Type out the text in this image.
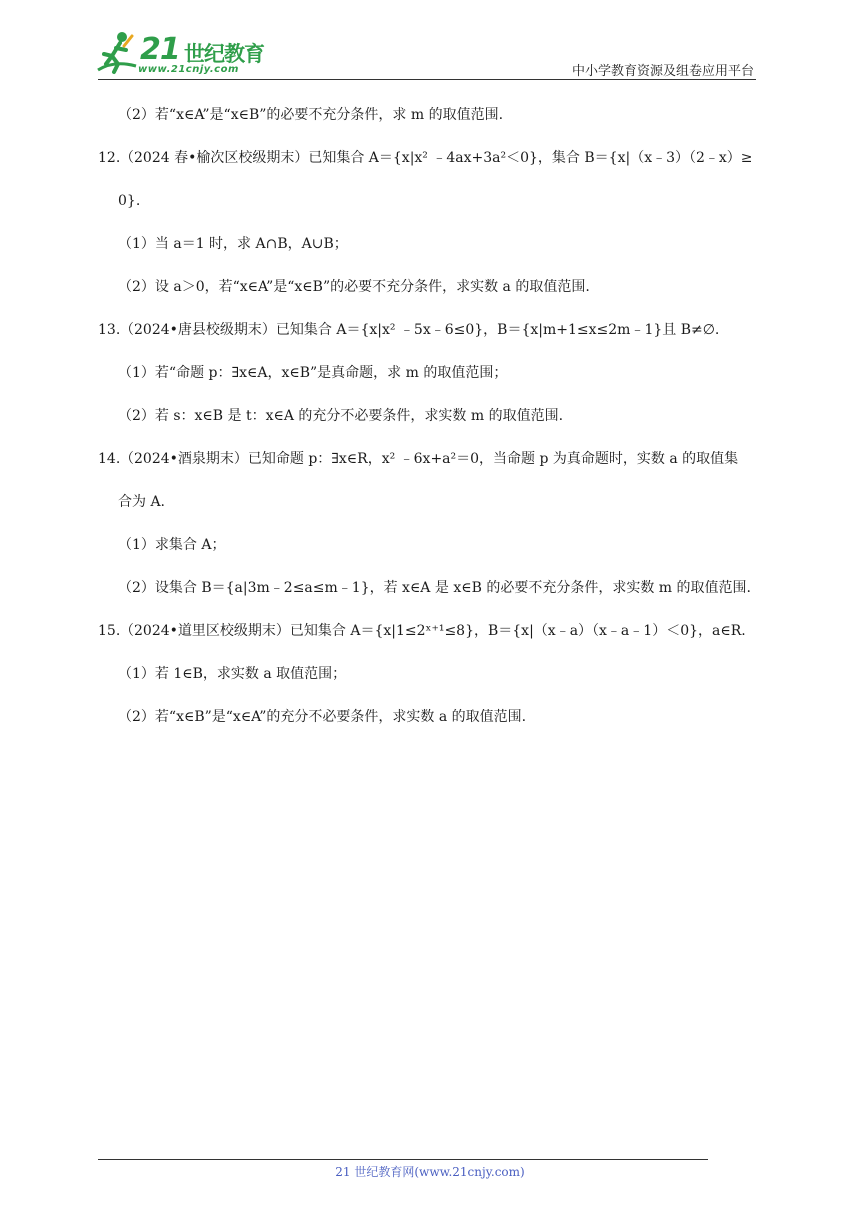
21 世纪教育
www.21cnjy.com	中小学教育资源及组卷应用平台

（2）若“x∈A”是“x∈B”的必要不充分条件，求 m 的取值范围.

12.（2024 春•榆次区校级期末）已知集合 A＝{x|x² ﹣4ax+3a²＜0}，集合 B＝{x|（x﹣3）（2﹣x）≥

0}.

（1）当 a＝1 时，求 A∩B，A∪B；

（2）设 a＞0，若“x∈A”是“x∈B”的必要不充分条件，求实数 a 的取值范围.

13.（2024•唐县校级期末）已知集合 A＝{x|x² ﹣5x﹣6≤0}，B＝{x|m+1≤x≤2m﹣1}且 B≠∅.

（1）若“命题 p：∃x∈A，x∈B”是真命题，求 m 的取值范围；

（2）若 s：x∈B 是 t：x∈A 的充分不必要条件，求实数 m 的取值范围.

14.（2024•酒泉期末）已知命题 p：∃x∈R，x² ﹣6x+a²＝0，当命题 p 为真命题时，实数 a 的取值集

合为 A.

（1）求集合 A；

（2）设集合 B＝{a|3m﹣2≤a≤m﹣1}，若 x∈A 是 x∈B 的必要不充分条件，求实数 m 的取值范围.

15.（2024•道里区校级期末）已知集合 A＝{x|1≤2ˣ⁺¹≤8}，B＝{x|（x﹣a）（x﹣a﹣1）＜0}，a∈R.

（1）若 1∈B，求实数 a 取值范围；

（2）若“x∈B”是“x∈A”的充分不必要条件，求实数 a 的取值范围.

21 世纪教育网(www.21cnjy.com)
